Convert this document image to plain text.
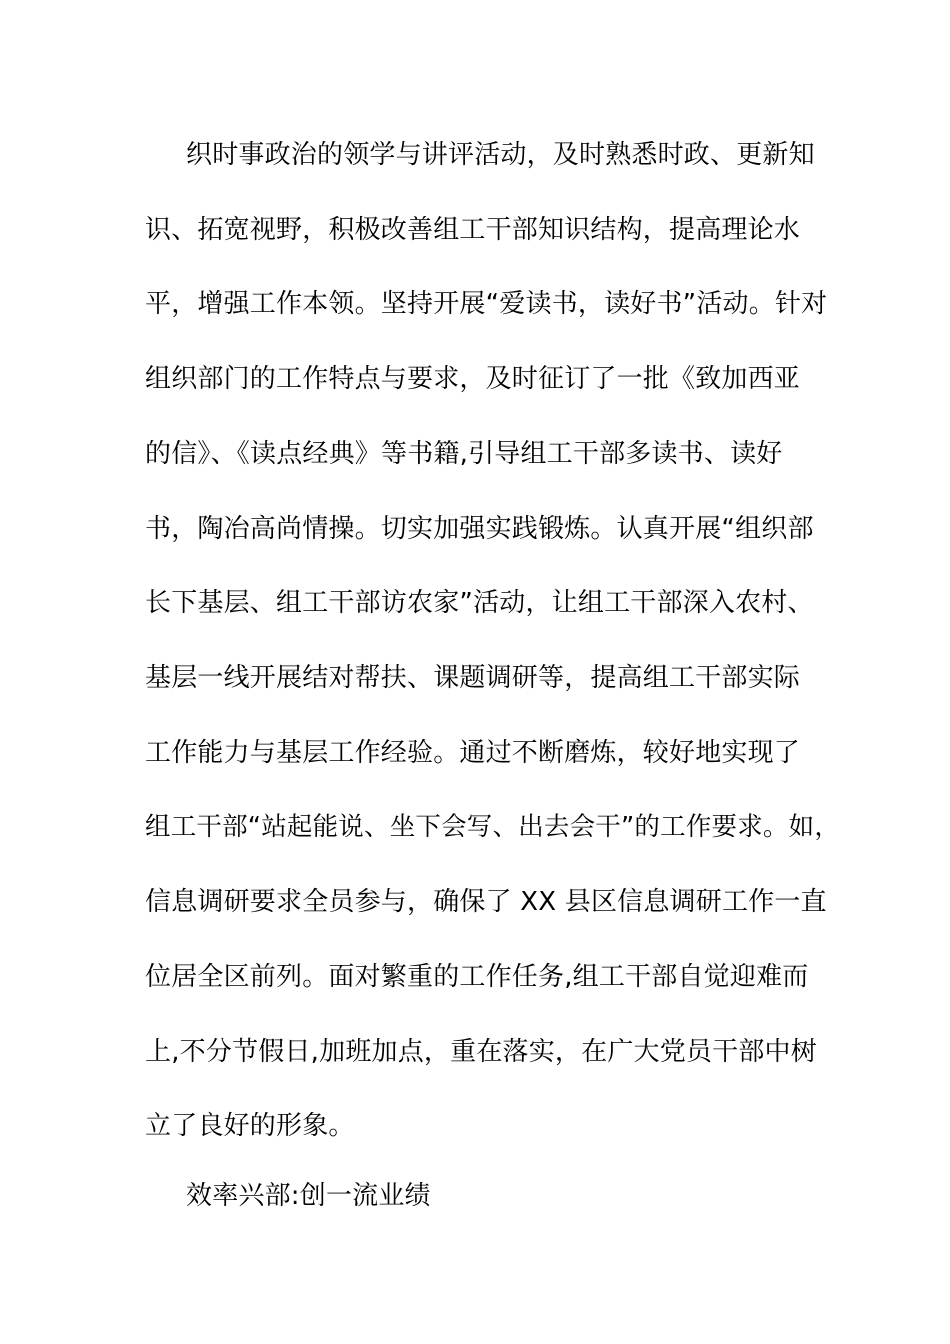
织时事政治的领学与讲评活动，及时熟悉时政、更新知
识、拓宽视野，积极改善组工干部知识结构，提高理论水
平，增强工作本领。坚持开展“爱读书，读好书”活动。针对
组织部门的工作特点与要求，及时征订了一批《致加西亚
的信》、《读点经典》等书籍,引导组工干部多读书、读好
书，陶冶高尚情操。切实加强实践锻炼。认真开展“组织部
长下基层、组工干部访农家”活动，让组工干部深入农村、
基层一线开展结对帮扶、课题调研等，提高组工干部实际
工作能力与基层工作经验。通过不断磨炼，较好地实现了
组工干部“站起能说、坐下会写、出去会干”的工作要求。如，
信息调研要求全员参与，确保了 XX 县区信息调研工作一直
位居全区前列。面对繁重的工作任务,组工干部自觉迎难而
上,不分节假日,加班加点，重在落实，在广大党员干部中树
立了良好的形象。
效率兴部:创一流业绩
